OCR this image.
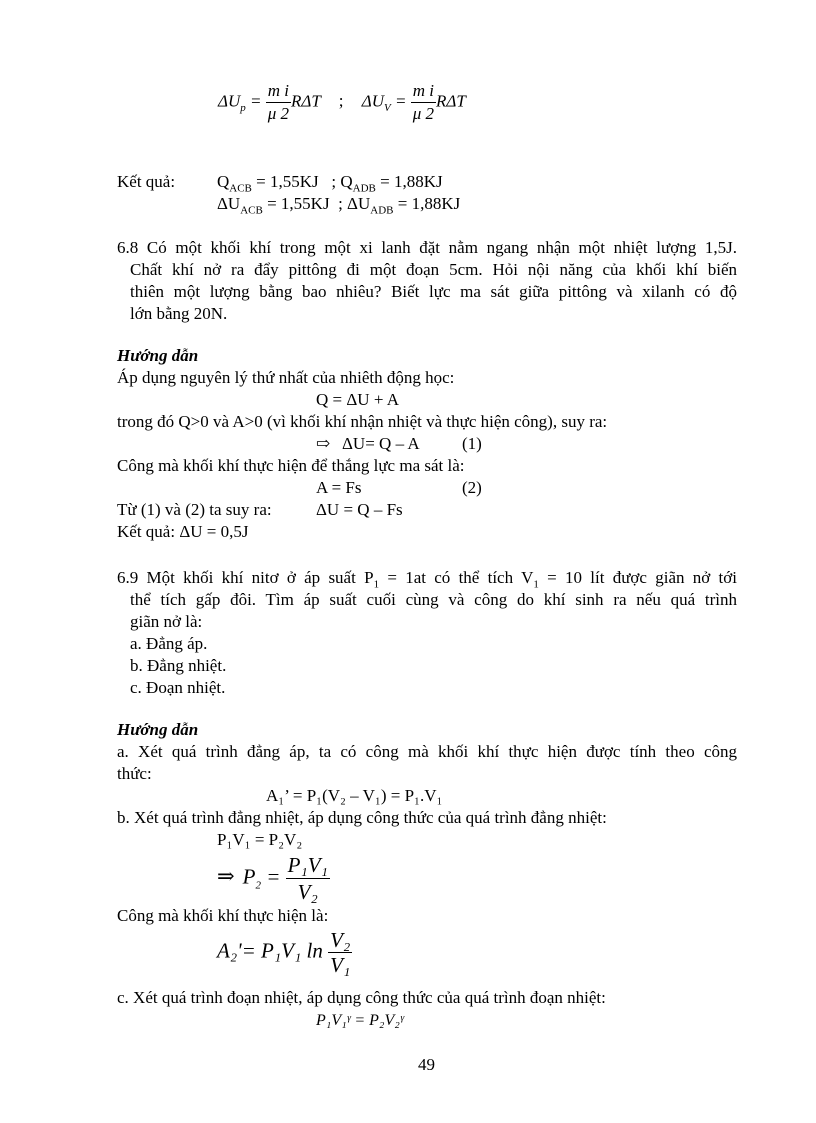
$\Delta U_p = \frac{\text{m i}}{\mu 2}$ RΔT ; $\Delta U_V = \frac{\text{m i}}{\mu 2}$ RΔT
Kết quả: $Q_{ACB} = 1,55KJ$ ; $Q_{ADB} = 1,88KJ$
$\Delta U_{ACB} = 1,55KJ$ ; $\Delta U_{ADB} = 1,88KJ$
6.8 Có một khối khí trong một xi lanh đặt nằm ngang nhận một nhiệt lượng 1,5J.
Chất khí nở ra đẩy pittông đi một đoạn 5cm. Hỏi nội năng của khối khí biến
thiên một lượng bằng bao nhiêu? Biết lực ma sát giữa pittông và xilanh có độ
lớn bằng 20N.
Hướng dẫn
Áp dụng nguyên lý thứ nhất của nhiêth động học:
Q = ΔU + A
trong đó Q>0 và A>0 (vì khối khí nhận nhiệt và thực hiện công), suy ra:
⇨ ΔU= Q – A (1)
Công mà khối khí thực hiện để thắng lực ma sát là:
A = Fs	(2)
Từ (1) và (2) ta suy ra:	ΔU = Q – Fs
Kết quả: ΔU = 0,5J
6.9 Một khối khí nitơ ở áp suất $P_1 = 1at$ có thể tích $V_1 = 10$ lít được giãn nở tới
thể tích gấp đôi. Tìm áp suất cuối cùng và công do khí sinh ra nếu quá trình
giãn nở là:
a. Đẳng áp.
b. Đẳng nhiệt.
c. Đoạn nhiệt.
Hướng dẫn
a. Xét quá trình đẳng áp, ta có công mà khối khí thực hiện được tính theo công
thức:
A₁’ = P₁(V₂ – V₁) = P₁.V₁
b. Xét quá trình đẳng nhiệt, áp dụng công thức của quá trình đẳng nhiệt:
P₁V₁ = P₂V₂
⇒ $P_2 = \frac{\text{P₁V₁}}{\text{V₂}}$
Công mà khối khí thực hiện là:
A₂'= P₁V₁ $\ln \frac{\text{V₂}}{\text{V₁}}$
c. Xét quá trình đoạn nhiệt, áp dụng công thức của quá trình đoạn nhiệt:
P₁V₁ᵞ = P₂V₂ᵞ
49
